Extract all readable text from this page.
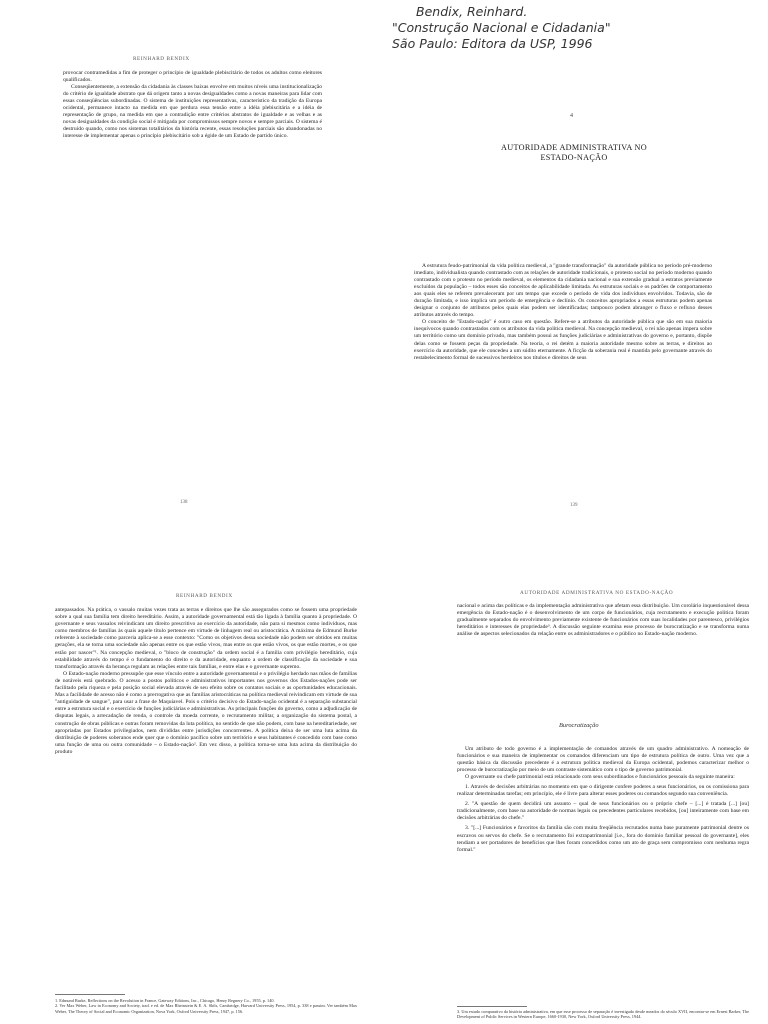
REINHARD BENDIX

provocar contramedidas a fim de proteger o princípio de igualdade plebiscitário de todos os adultos como eleitores qualificados.

Conseqüentemente, a extensão da cidadania às classes baixas envolve em muitos níveis uma institucionalização do critério de igualdade abstrato que dá origem tanto a novas desigualdades como a novas maneiras para lidar com essas conseqüências subordinadas. O sistema de instituições representativas, característico da tradição da Europa ocidental, permanece intacto na medida em que perdura essa tensão entre a idéia plebiscitária e a idéia de representação de grupo, na medida em que a contradição entre critérios abstratos de igualdade e as velhas e as novas desigualdades da condição social é mitigada por compromissos sempre novos e sempre parciais. O sistema é destruído quando, como nos sistemas totalitários da história recente, essas resoluções parciais são abandonadas no interesse de implementar apenas o princípio plebiscitário sob a égide de um Estado de partido único.

138
Bendix, Reinhard.
"Construção Nacional e Cidadania"
São Paulo: Editora da USP, 1996
4
AUTORIDADE ADMINISTRATIVA NO
ESTADO-NAÇÃO

A estrutura feudo-patrimonial da vida política medieval, a "grande transformação" da autoridade pública no período pré-moderno imediato, individualista quando contrastado com as relações de autoridade tradicionais, o protesto social no período moderno quando contrastado com o protesto no período medieval, os elementos da cidadania nacional e sua extensão gradual a estratos previamente excluídos da população – todos esses são conceitos de aplicabilidade limitada. As estruturas sociais e os padrões de comportamento aos quais eles se referem prevaleceram por um tempo que excede o período de vida dos indivíduos envolvidos. Todavia, são de duração limitada, e isso implica um período de emergência e declínio. Os conceitos apropriados a essas estruturas podem apenas designar o conjunto de atributos pelos quais elas podem ser identificadas; tampouco podem abranger o fluxo e refluxo desses atributos através do tempo.

O conceito de "Estado-nação" é outro caso em questão. Refere-se a atributos da autoridade pública que são em sua maioria inequívocos quando contrastados com os atributos da vida política medieval. Na concepção medieval, o rei não apenas impera sobre um território como um domínio privado, mas também possui as funções judiciárias e administrativas do governo e, portanto, dispõe delas como se fossem peças da propriedade. Na teoria, o rei detém a maioria autoridade mesmo sobre as terras, e direitos ao exercício da autoridade, que ele concedeu a um súdito eternamente. A ficção da soberania real é mantida pelo governante através do restabelecimento formal de sucessivos herdeiros nos títulos e direitos de seus

139
REINHARD BENDIX

antepassados. Na prática, o vassalo muitas vezes trata as terras e direitos que lhe são assegurados como se fossem uma propriedade sobre a qual sua família tem direito hereditário. Assim, a autoridade governamental está tão ligada à família quanto à propriedade. O governante e seus vassalos reivindicam um direito prescritivo ao exercício da autoridade, não para si mesmos como indivíduos, mas como membros de famílias às quais aquele título pertence em virtude de linhagem real ou aristocrática. A máxima de Edmund Burke referente à sociedade como parceria aplica-se a esse contexto: "Como os objetivos dessa sociedade não podem ser obtidos em muitas gerações, ela se torna uma sociedade não apenas entre os que estão vivos, mas entre os que estão vivos, os que estão mortes, e os que estão por nascer"¹. Na concepção medieval, o "bloco de construção" da ordem social é a família com privilégio hereditário, cuja estabilidade através do tempo é o fundamento do direito e da autoridade, enquanto a ordem de classificação da sociedade e sua transformação através da herança regulam as relações entre tais famílias, e entre elas e o governante supremo.

O Estado-nação moderno pressupõe que esse vínculo entre a autoridade governamental e o privilégio herdado nas mãos de famílias de notáveis está quebrado. O acesso a postos políticos e administrativos importantes nos governos dos Estados-nações pode ser facilitado pela riqueza e pela posição social elevada através de seu efeito sobre os contatos sociais e as oportunidades educacionais. Mas a facilidade de acesso não é como a prerrogativa que as famílias aristocráticas na política medieval reivindicam em virtude de sua "antiguidade de sangue", para usar a frase de Maquiavel. Pois o critério decisivo do Estado-nação ocidental é a separação substancial entre a estrutura social e o exercício de funções judiciárias e administrativas. As principais funções do governo, como a adjudicação de disputas legais, a arrecadação de renda, o controle da moeda corrente, o recrutamento militar, a organização do sistema postal, a construção de obras públicas e outras foram removidas da luta política, no sentido de que não podem, com base na hereditariedade, ser apropriadas por Estados privilegiados, nem divididas entre jurisdições concorrentes. A política deixa de ser uma luta acima da distribuição de poderes soberanos ende quer que o domínio pacífico sobre um território e seus habitantes é concedido com base como uma função de uma ou outra comunidade – o Estado-nação². Em vez disso, a política torna-se uma luta acima da distribuição do produto

1. Edmund Burke, Reflections on the Revolution in France, Gateway Editions, Inc., Chicago, Henry Regnery Co., 1955, p. 140.
2. Ver Max Weber, Law in Economy and Society, trad. e ed. de Max Rheinstein & E. A. Shils, Cambridge, Harvard University Press, 1954, p. 338 e passim. Ver também Max Weber, The Theory of Social and Economic Organization, Nova York, Oxford University Press, 1947, p. 156.
AUTORIDADE ADMINISTRATIVA NO ESTADO-NAÇÃO

nacional e acima das políticas e da implementação administrativa que afetam essa distribuição. Um corolário inquestionável dessa emergência do Estado-nação é o desenvolvimento de um corpo de funcionários, cuja recrutamento e execução política foram gradualmente separados do envolvimento previamente existente de funcionários com suas localidades por parentesco, privilégios hereditários e interesses de propriedade³. A discussão seguinte examina esse processo de burocratização e se transforma numa análise de aspectos selecionados da relação entre os administradores e o público no Estado-nação moderno.

Burocratização

Um atributo de todo governo é a implementação de comandos através de um quadro administrativo. A nomeação de funcionários e sua maneira de implementar os comandos diferenciam um tipo de estrutura política de outro. Uma vez que a questão básica da discussão precedente é a estrutura política medieval da Europa ocidental, podemos caracterizar melhor o processo de burocratização por meio de um contraste sistemático com o tipo de governo patrimonial.

O governante ou chefe patrimonial está relacionado com seus subordinados e funcionários pessoais da seguinte maneira:

1. Através de decisões arbitrárias no momento em que o dirigente confere poderes a seus funcionários, ou os comissiona para realizar determinadas tarefas; em princípio, ele é livre para alterar esses poderes ou comandos segundo sua conveniência.

2. "A questão de quem decidirá um assunto – qual de seus funcionários ou o próprio chefe – [...] é tratada [...] [ou] tradicionalmente, com base na autoridade de normas legais ou precedentes particulares recebidos, [ou] inteiramente com base em decisões arbitrárias do chefe."

3. "[...] Funcionários e favoritos da família são com muita freqüência recrutados numa base puramente patrimonial dentre os escravos ou servos do chefe. Se o recrutamento foi extrapatrimonial [i.e., fora do domínio familiar pessoal do governante], eles tendiam a ser portadores de benefícios que lhes foram concedidos como um ato de graça sem compromisso com nenhuma regra formal."

3. Um estudo comparativo da história administrativa, em que esse processo de separação é investigado desde meados do século XVII, encontra-se em Ernest Barker, The Development of Public Services in Western Europe, 1660-1930, New York, Oxford University Press, 1944.
